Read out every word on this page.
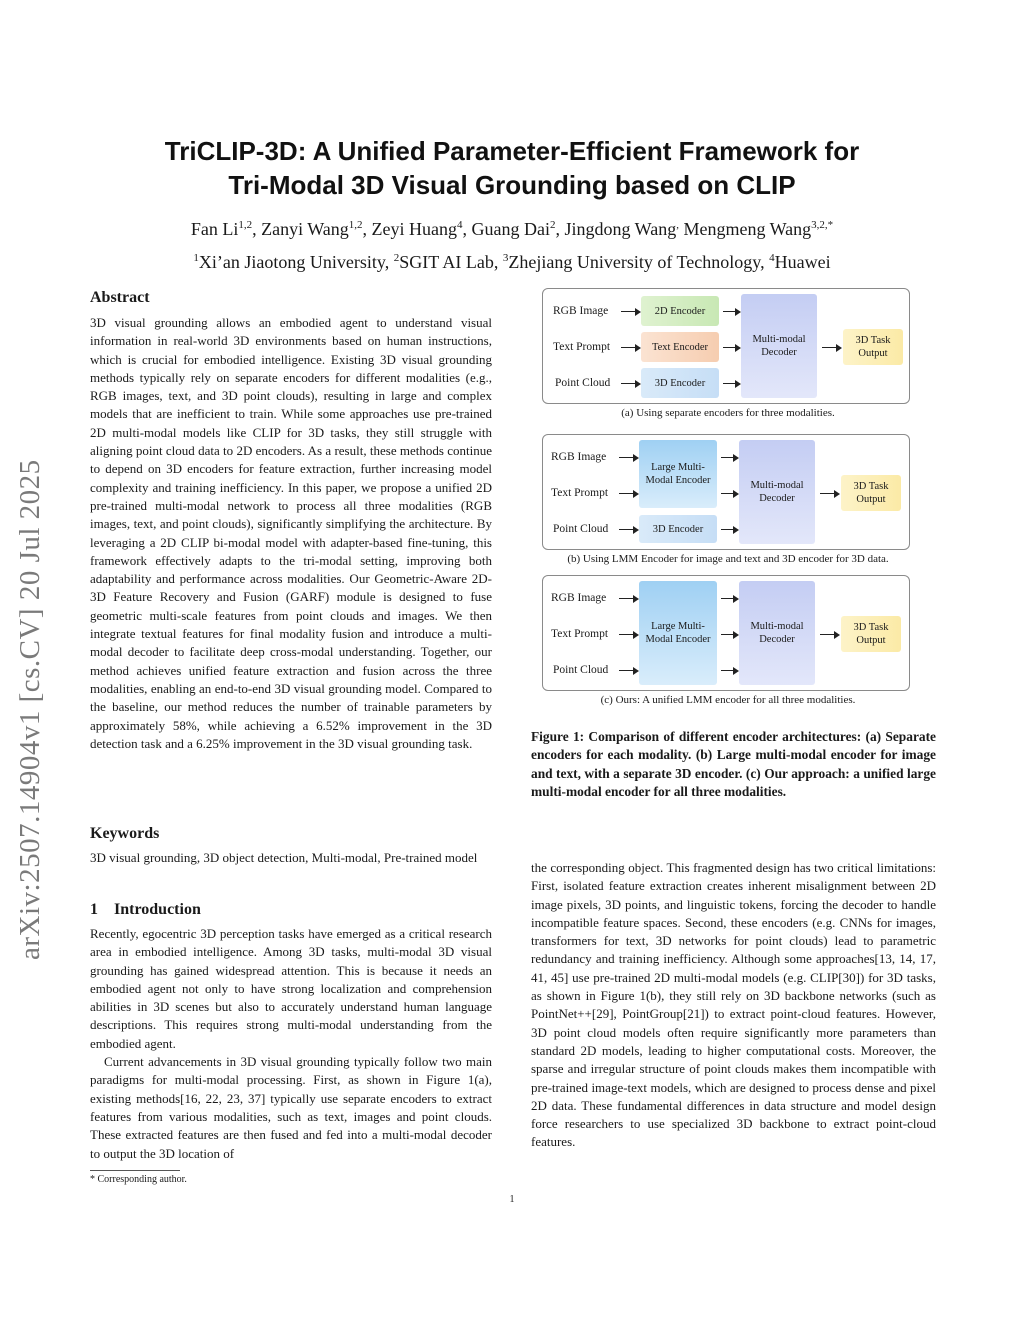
arXiv:2507.14904v1 [cs.CV] 20 Jul 2025
TriCLIP-3D: A Unified Parameter-Efficient Framework for
Tri-Modal 3D Visual Grounding based on CLIP
Fan Li$^{1,2}$, Zanyi Wang$^{1,2}$, Zeyi Huang$^4$, Guang Dai$^2$, Jingdong Wang, Mengmeng Wang$^{3,2,*}$
$^1$Xi’an Jiaotong University, $^2$SGIT AI Lab, $^3$Zhejiang University of Technology, $^4$Huawei
Abstract

3D visual grounding allows an embodied agent to understand visual information in real-world 3D environments based on human instructions, which is crucial for embodied intelligence. Existing 3D visual grounding methods typically rely on separate encoders for different modalities (e.g., RGB images, text, and 3D point clouds), resulting in large and complex models that are inefficient to train. While some approaches use pre-trained 2D multi-modal models like CLIP for 3D tasks, they still struggle with aligning point cloud data to 2D encoders. As a result, these methods continue to depend on 3D encoders for feature extraction, further increasing model complexity and training inefficiency. In this paper, we propose a unified 2D pre-trained multi-modal network to process all three modalities (RGB images, text, and point clouds), significantly simplifying the architecture. By leveraging a 2D CLIP bi-modal model with adapter-based fine-tuning, this framework effectively adapts to the tri-modal setting, improving both adaptability and performance across modalities. Our Geometric-Aware 2D-3D Feature Recovery and Fusion (GARF) module is designed to fuse geometric multi-scale features from point clouds and images. We then integrate textual features for final modality fusion and introduce a multi-modal decoder to facilitate deep cross-modal understanding. Together, our method achieves unified feature extraction and fusion across the three modalities, enabling an end-to-end 3D visual grounding model. Compared to the baseline, our method reduces the number of trainable parameters by approximately 58%, while achieving a 6.52% improvement in the 3D detection task and a 6.25% improvement in the 3D visual grounding task.

Keywords

3D visual grounding, 3D object detection, Multi-modal, Pre-trained model

1    Introduction

Recently, egocentric 3D perception tasks have emerged as a critical research area in embodied intelligence. Among 3D tasks, multi-modal 3D visual grounding has gained widespread attention. This is because it needs an embodied agent not only to have strong localization and comprehension abilities in 3D scenes but also to accurately understand human language descriptions. This requires strong multi-modal understanding from the embodied agent.

Current advancements in 3D visual grounding typically follow two main paradigms for multi-modal processing. First, as shown in Figure 1(a), existing methods[16, 22, 23, 37] typically use separate encoders to extract features from various modalities, such as text, images and point clouds. These extracted features are then fused and fed into a multi-modal decoder to output the 3D location of

RGB Image
Text Prompt
Point Cloud
2D Encoder
Text Encoder
3D Encoder
Multi-modal Decoder
3D Task Output
(a) Using separate encoders for three modalities.
RGB Image
Text Prompt
Point Cloud
Large Multi-Modal Encoder
3D Encoder
Multi-modal Decoder
3D Task Output
(b) Using LMM Encoder for image and text and 3D encoder for 3D data.
RGB Image
Text Prompt
Point Cloud
Large Multi-Modal Encoder
Multi-modal Decoder
3D Task Output
(c) Ours: A unified LMM encoder for all three modalities.
Figure 1: Comparison of different encoder architectures: (a) Separate encoders for each modality. (b) Large multi-modal encoder for image and text, with a separate 3D encoder. (c) Our approach: a unified large multi-modal encoder for all three modalities.

the corresponding object. This fragmented design has two critical limitations: First, isolated feature extraction creates inherent misalignment between 2D image pixels, 3D points, and linguistic tokens, forcing the decoder to handle incompatible feature spaces. Second, these encoders (e.g. CNNs for images, transformers for text, 3D networks for point clouds) lead to parametric redundancy and training inefficiency. Although some approaches[13, 14, 17, 41, 45] use pre-trained 2D multi-modal models (e.g. CLIP[30]) for 3D tasks, as shown in Figure 1(b), they still rely on 3D backbone networks (such as PointNet++[29], PointGroup[21]) to extract point-cloud features. However, 3D point cloud models often require significantly more parameters than standard 2D models, leading to higher computational costs. Moreover, the sparse and irregular structure of point clouds makes them incompatible with pre-trained image-text models, which are designed to process dense and pixel 2D data. These fundamental differences in data structure and model design force researchers to use specialized 3D backbone to extract point-cloud features.

* Corresponding author.
1
